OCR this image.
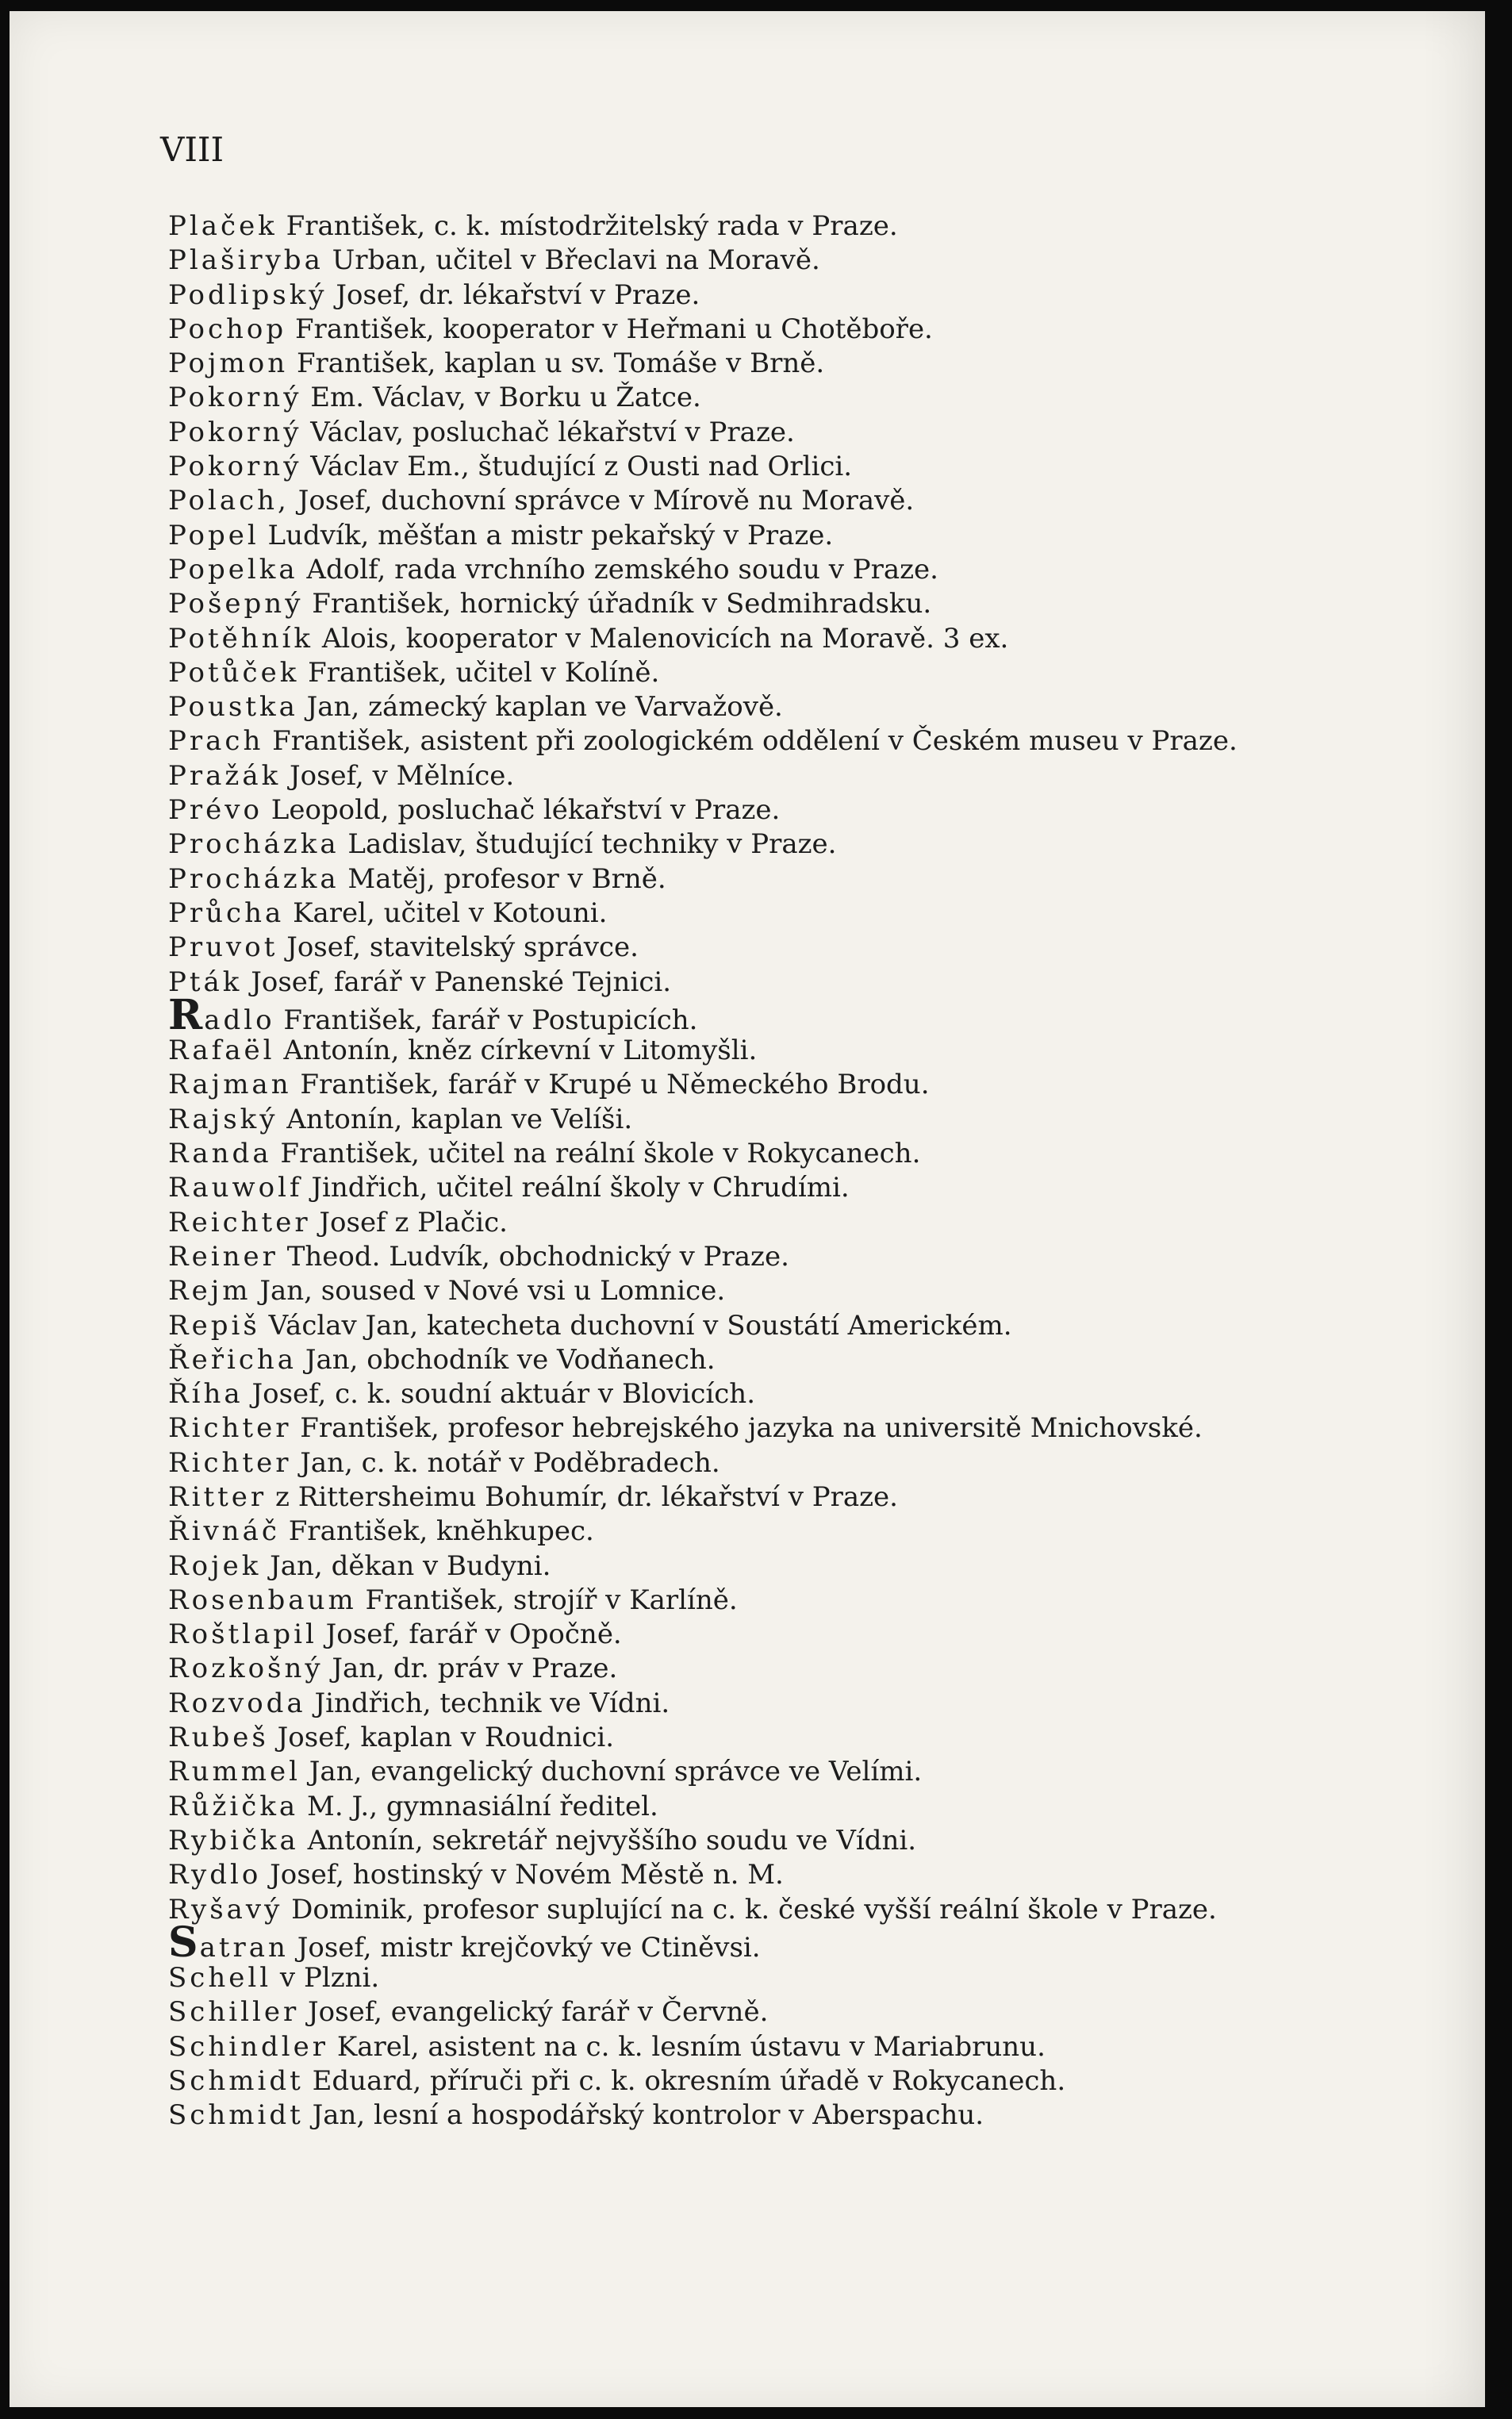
VIII
Plaček František, c. k. místodržitelský rada v Praze.
Plaširyba Urban, učitel v Břeclavi na Moravě.
Podlipský Josef, dr. lékařství v Praze.
Pochop František, kooperator v Heřmani u Chotěboře.
Pojmon František, kaplan u sv. Tomáše v Brně.
Pokorný Em. Václav, v Borku u Žatce.
Pokorný Václav, posluchač lékařství v Praze.
Pokorný Václav Em., študující z Ousti nad Orlici.
Polach, Josef, duchovní správce v Mírově nu Moravě.
Popel Ludvík, měšťan a mistr pekařský v Praze.
Popelka Adolf, rada vrchního zemského soudu v Praze.
Pošepný František, hornický úřadník v Sedmihradsku.
Potěhník Alois, kooperator v Malenovicích na Moravě. 3 ex.
Potůček František, učitel v Kolíně.
Poustka Jan, zámecký kaplan ve Varvažově.
Prach František, asistent při zoologickém oddělení v Českém museu v Praze.
Pražák Josef, v Mělníce.
Prévo Leopold, posluchač lékařství v Praze.
Procházka Ladislav, študující techniky v Praze.
Procházka Matěj, profesor v Brně.
Průcha Karel, učitel v Kotouni.
Pruvot Josef, stavitelský správce.
Pták Josef, farář v Panenské Tejnici.
Radlo František, farář v Postupicích.
Rafaël Antonín, kněz církevní v Litomyšli.
Rajman František, farář v Krupé u Německého Brodu.
Rajský Antonín, kaplan ve Velíši.
Randa František, učitel na reální škole v Rokycanech.
Rauwolf Jindřich, učitel reální školy v Chrudími.
Reichter Josef z Plačic.
Reiner Theod. Ludvík, obchodnický v Praze.
Rejm Jan, soused v Nové vsi u Lomnice.
Repiš Václav Jan, katecheta duchovní v Soustátí Americkém.
Řeřicha Jan, obchodník ve Vodňanech.
Říha Josef, c. k. soudní aktuár v Blovicích.
Richter František, profesor hebrejského jazyka na universitě Mnichovské.
Richter Jan, c. k. notář v Poděbradech.
Ritter z Rittersheimu Bohumír, dr. lékařství v Praze.
Řivnáč František, knĕhkupec.
Rojek Jan, děkan v Budyni.
Rosenbaum František, strojíř v Karlíně.
Roštlapil Josef, farář v Opočně.
Rozkošný Jan, dr. práv v Praze.
Rozvoda Jindřich, technik ve Vídni.
Rubeš Josef, kaplan v Roudnici.
Rummel Jan, evangelický duchovní správce ve Velími.
Růžička M. J., gymnasiální ředitel.
Rybička Antonín, sekretář nejvyššího soudu ve Vídni.
Rydlo Josef, hostinský v Novém Městě n. M.
Ryšavý Dominik, profesor suplující na c. k. české vyšší reální škole v Praze.
Satran Josef, mistr krejčovký ve Ctiněvsi.
Schell v Plzni.
Schiller Josef, evangelický farář v Červně.
Schindler Karel, asistent na c. k. lesním ústavu v Mariabrunu.
Schmidt Eduard, příruči při c. k. okresním úřadě v Rokycanech.
Schmidt Jan, lesní a hospodářský kontrolor v Aberspachu.
